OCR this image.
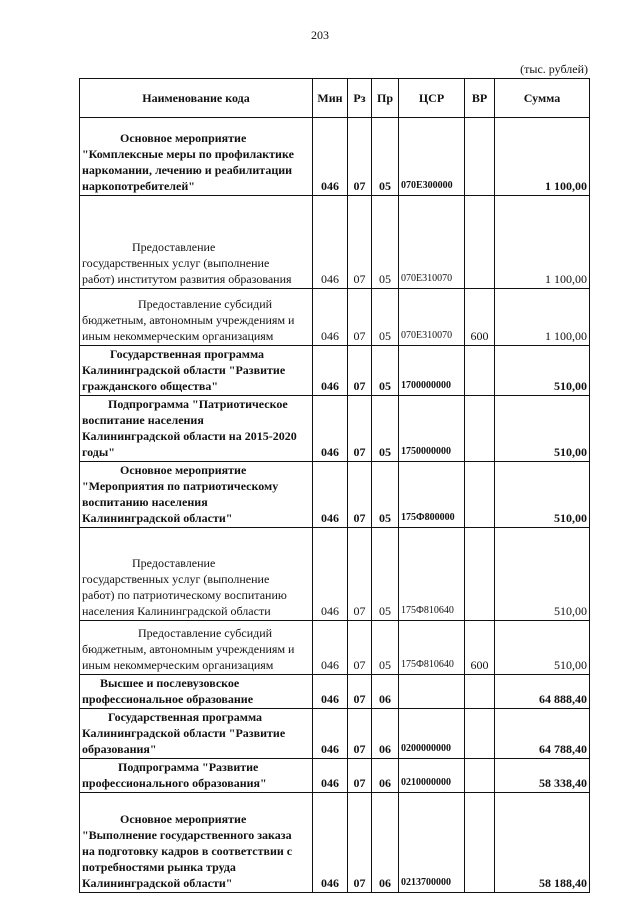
203
(тыс. рублей)
Наименование кода	Мин	Рз	Пр	ЦСР	ВР	Сумма

Основное мероприятие
"Комплексные меры по профилактике
наркомании, лечению и реабилитации
наркопотребителей"	046	07	05	070E300000		1 100,00

Предоставление
государственных услуг (выполнение
работ) институтом развития образования	046	07	05	070E310070		1 100,00

Предоставление субсидий
бюджетным, автономным учреждениям и
иным некоммерческим организациям	046	07	05	070E310070	600	1 100,00

Государственная программа
Калининградской области "Развитие
гражданского общества"	046	07	05	1700000000		510,00

Подпрограмма "Патриотическое
воспитание населения
Калининградской области на 2015-2020
годы"	046	07	05	1750000000		510,00

Основное мероприятие
"Мероприятия по патриотическому
воспитанию населения
Калининградской области"	046	07	05	175Ф800000		510,00

Предоставление
государственных услуг (выполнение
работ) по патриотическому воспитанию
населения Калининградской области	046	07	05	175Ф810640		510,00

Предоставление субсидий
бюджетным, автономным учреждениям и
иным некоммерческим организациям	046	07	05	175Ф810640	600	510,00

Высшее и послевузовское
профессиональное образование	046	07	06			64 888,40

Государственная программа
Калининградской области "Развитие
образования"	046	07	06	0200000000		64 788,40

Подпрограмма "Развитие
профессионального образования"	046	07	06	0210000000		58 338,40

Основное мероприятие
"Выполнение государственного заказа
на подготовку кадров в соответствии с
потребностями рынка труда
Калининградской области"	046	07	06	0213700000		58 188,40
